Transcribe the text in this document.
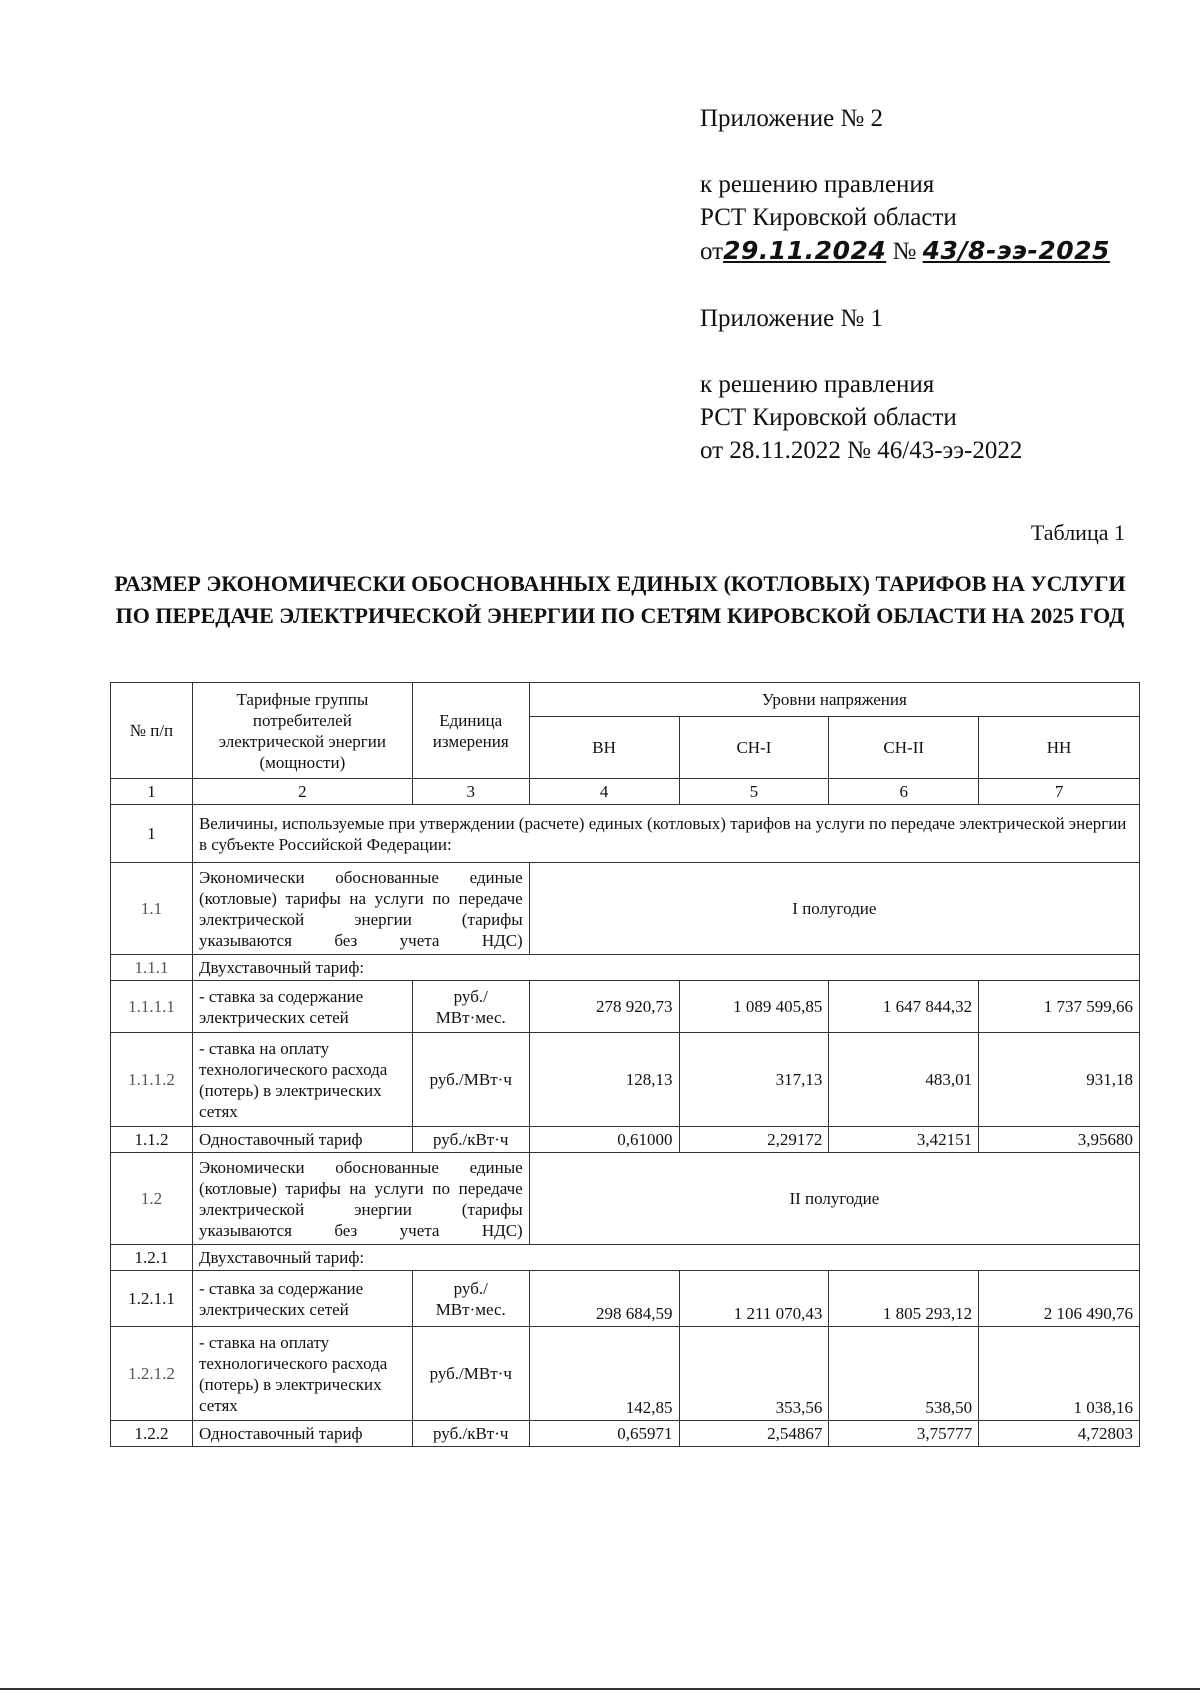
Приложение № 2
к решению правления
РСТ Кировской области
от29.11.2024 № 43/8-ээ-2025
Приложение № 1
к решению правления
РСТ Кировской области
от 28.11.2022 № 46/43-ээ-2022
Таблица 1
РАЗМЕР ЭКОНОМИЧЕСКИ ОБОСНОВАННЫХ ЕДИНЫХ (КОТЛОВЫХ) ТАРИФОВ НА УСЛУГИ ПО ПЕРЕДАЧЕ ЭЛЕКТРИЧЕСКОЙ ЭНЕРГИИ ПО СЕТЯМ КИРОВСКОЙ ОБЛАСТИ НА 2025 ГОД
№ п/п	Тарифные группы потребителей электрической энергии (мощности)	Единица измерения	Уровни напряжения			
			ВН	СН-I	СН-II	НН
1	2	3	4	5	6	7
1	Величины, используемые при утверждении (расчете) единых (котловых) тарифов на услуги по передаче электрической энергии в субъекте Российской Федерации:					
1.1	Экономически обоснованные единые (котловые) тарифы на услуги по передаче электрической энергии (тарифы указываются без учета НДС)		I полугодие			
1.1.1	Двухставочный тариф:					
1.1.1.1	- ставка за содержание электрических сетей	руб./МВт·мес.	278 920,73	1 089 405,85	1 647 844,32	1 737 599,66
1.1.1.2	- ставка на оплату технологического расхода (потерь) в электрических сетях	руб./МВт·ч	128,13	317,13	483,01	931,18
1.1.2	Одноставочный тариф	руб./кВт·ч	0,61000	2,29172	3,42151	3,95680
1.2	Экономически обоснованные единые (котловые) тарифы на услуги по передаче электрической энергии (тарифы указываются без учета НДС)		II полугодие			
1.2.1	Двухставочный тариф:					
1.2.1.1	- ставка за содержание электрических сетей	руб./МВт·мес.	298 684,59	1 211 070,43	1 805 293,12	2 106 490,76
1.2.1.2	- ставка на оплату технологического расхода (потерь) в электрических сетях	руб./МВт·ч	142,85	353,56	538,50	1 038,16
1.2.2	Одноставочный тариф	руб./кВт·ч	0,65971	2,54867	3,75777	4,72803
